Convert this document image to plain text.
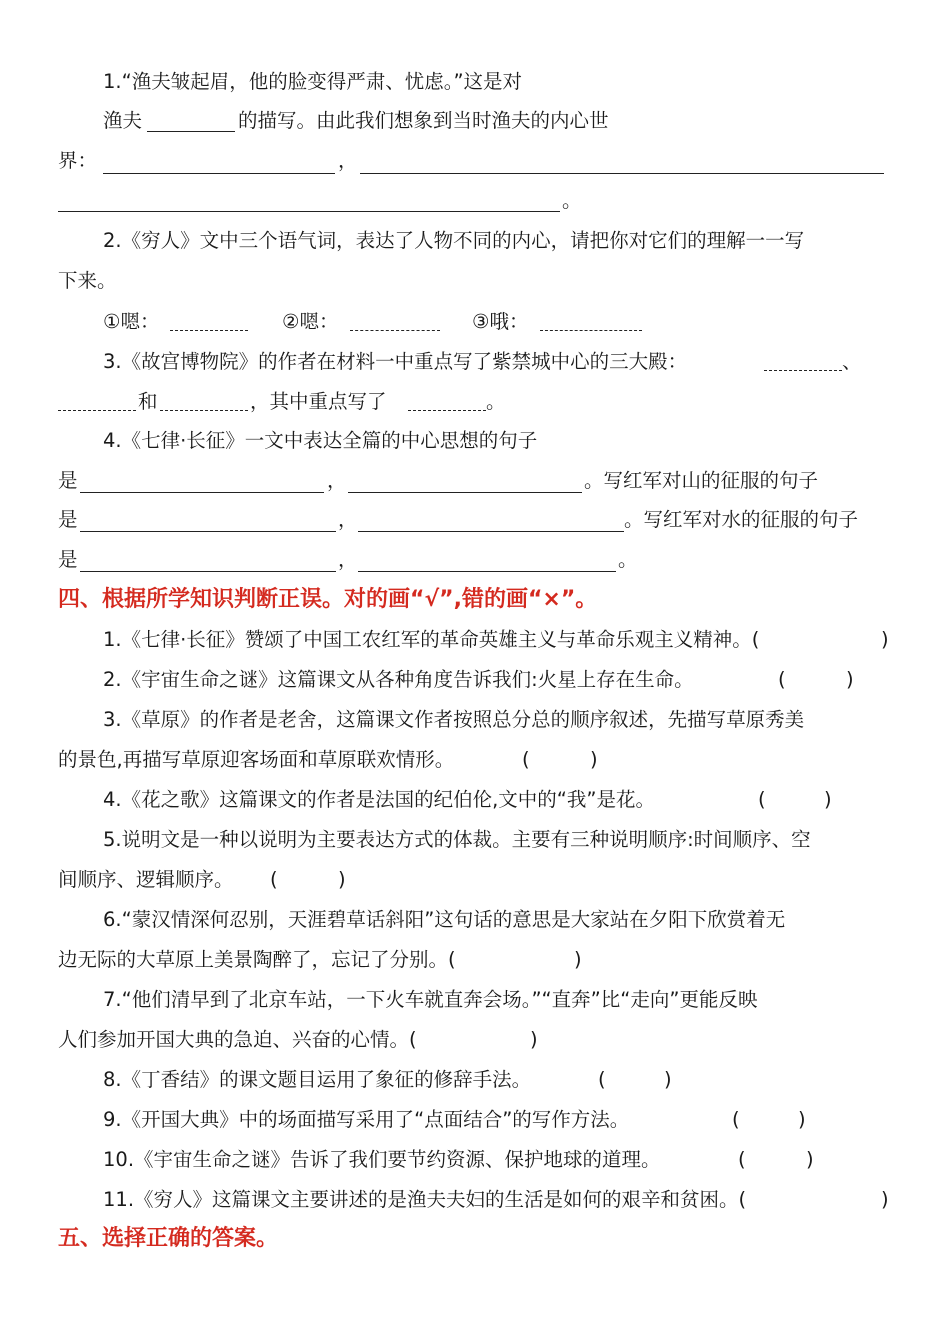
1.“渔夫皱起眉，他的脸变得严肃、忧虑。”这是对
渔夫	的描写。由此我们想象到当时渔夫的内心世
界：	，
。
2.《穷人》文中三个语气词，表达了人物不同的内心，请把你对它们的理解一一写
下来。
①嗯：	②嗯：	③哦：
3.《故宫博物院》的作者在材料一中重点写了紫禁城中心的三大殿：	、
和	，其中重点写了	。
4.《七律·长征》一文中表达全篇的中心思想的句子
是	，	。写红军对山的征服的句子
是	，	。写红军对水的征服的句子
是	，	。
四、根据所学知识判断正误。对的画“√”,错的画“×”。
1.《七律·长征》赞颂了中国工农红军的革命英雄主义与革命乐观主义精神。(	)
2.《宇宙生命之谜》这篇课文从各种角度告诉我们:火星上存在生命。	(	)
3.《草原》的作者是老舍，这篇课文作者按照总分总的顺序叙述，先描写草原秀美
的景色,再描写草原迎客场面和草原联欢情形。	(	)
4.《花之歌》这篇课文的作者是法国的纪伯伦,文中的“我”是花。	(	)
5.说明文是一种以说明为主要表达方式的体裁。主要有三种说明顺序:时间顺序、空
间顺序、逻辑顺序。 (	)
6.“蒙汉情深何忍别，天涯碧草话斜阳”这句话的意思是大家站在夕阳下欣赏着无
边无际的大草原上美景陶醉了，忘记了分别。(	)
7.“他们清早到了北京车站，一下火车就直奔会场。”“直奔”比“走向”更能反映
人们参加开国大典的急迫、兴奋的心情。(	)
8.《丁香结》的课文题目运用了象征的修辞手法。	(	)
9.《开国大典》中的场面描写采用了“点面结合”的写作方法。	(	)
10.《宇宙生命之谜》告诉了我们要节约资源、保护地球的道理。	(	)
11.《穷人》这篇课文主要讲述的是渔夫夫妇的生活是如何的艰辛和贫困。(	)
五、选择正确的答案。
